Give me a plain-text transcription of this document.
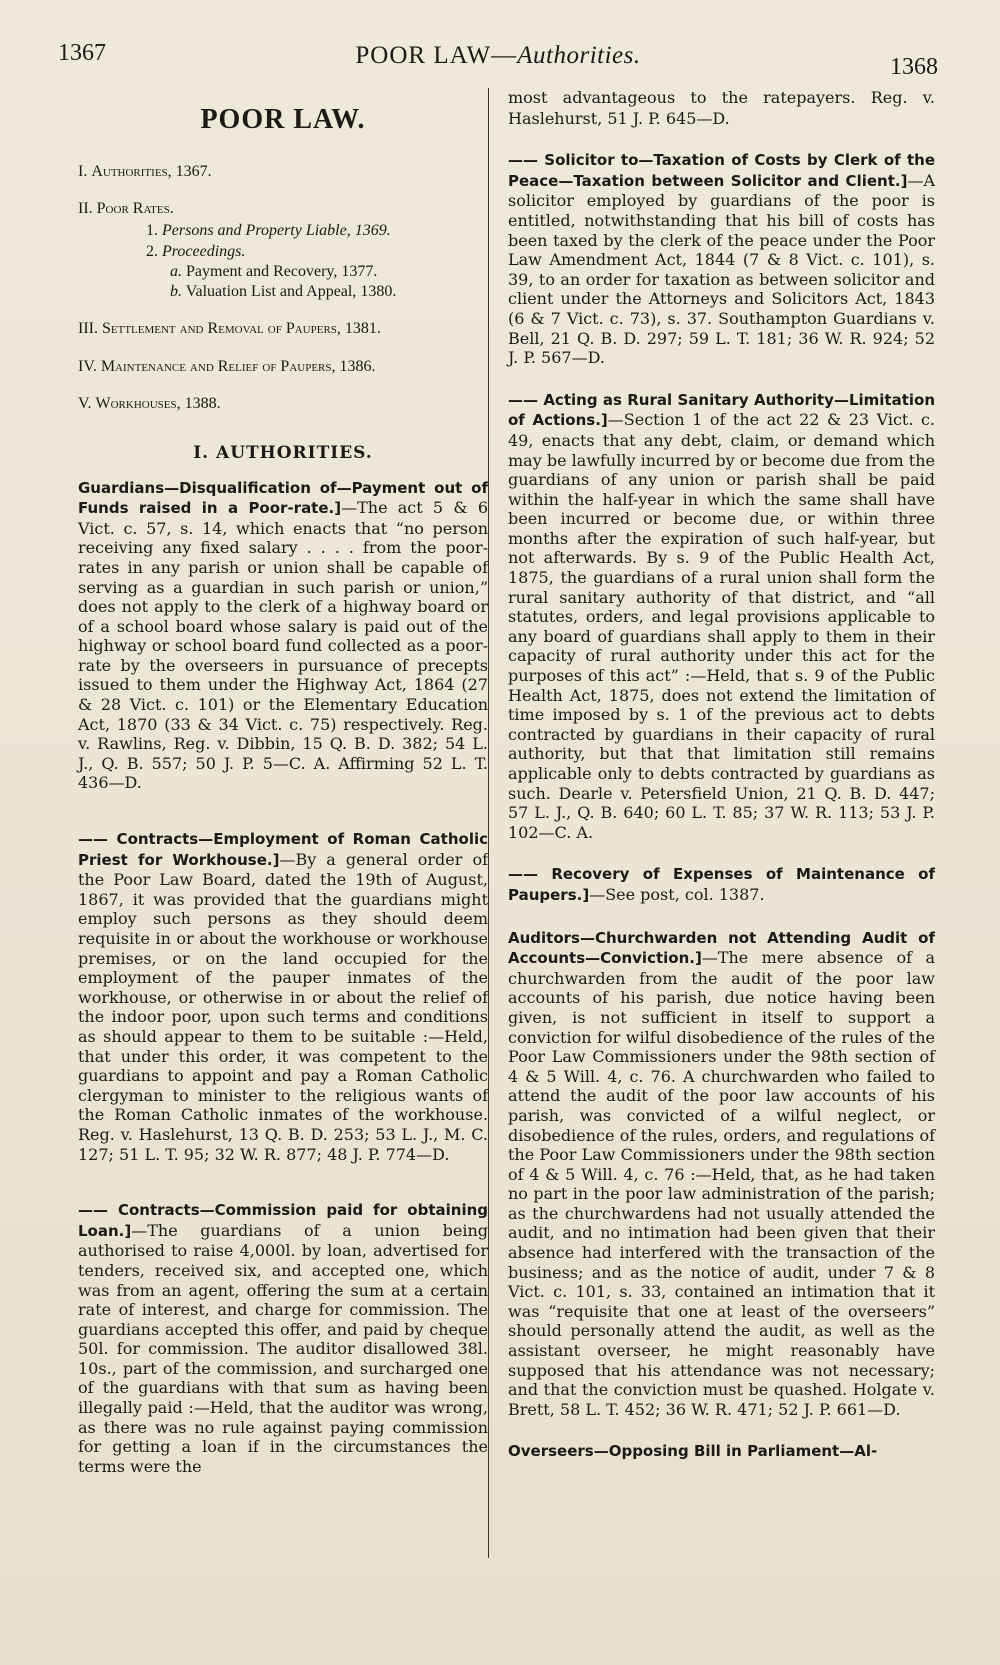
1367	POOR LAW—Authorities.	1368
POOR LAW.
I. Authorities, 1367.
II. Poor Rates.
1. Persons and Property Liable, 1369.
2. Proceedings.
a. Payment and Recovery, 1377.
b. Valuation List and Appeal, 1380.
III. Settlement and Removal of Paupers, 1381.
IV. Maintenance and Relief of Paupers, 1386.
V. Workhouses, 1388.
I. AUTHORITIES.

Guardians—Disqualification of—Payment out of Funds raised in a Poor-rate.]—The act 5 & 6 Vict. c. 57, s. 14, which enacts that “no person receiving any fixed salary . . . . from the poor-rates in any parish or union shall be capable of serving as a guardian in such parish or union,” does not apply to the clerk of a highway board or of a school board whose salary is paid out of the highway or school board fund collected as a poor-rate by the overseers in pursuance of precepts issued to them under the Highway Act, 1864 (27 & 28 Vict. c. 101) or the Elementary Education Act, 1870 (33 & 34 Vict. c. 75) respectively. Reg. v. Rawlins, Reg. v. Dibbin, 15 Q. B. D. 382; 54 L. J., Q. B. 557; 50 J. P. 5—C. A. Affirming 52 L. T. 436—D.

—— Contracts—Employment of Roman Catholic Priest for Workhouse.]—By a general order of the Poor Law Board, dated the 19th of August, 1867, it was provided that the guardians might employ such persons as they should deem requisite in or about the workhouse or workhouse premises, or on the land occupied for the employment of the pauper inmates of the workhouse, or otherwise in or about the relief of the indoor poor, upon such terms and conditions as should appear to them to be suitable :—Held, that under this order, it was competent to the guardians to appoint and pay a Roman Catholic clergyman to minister to the religious wants of the Roman Catholic inmates of the workhouse. Reg. v. Haslehurst, 13 Q. B. D. 253; 53 L. J., M. C. 127; 51 L. T. 95; 32 W. R. 877; 48 J. P. 774—D.

—— Contracts—Commission paid for obtaining Loan.]—The guardians of a union being authorised to raise 4,000l. by loan, advertised for tenders, received six, and accepted one, which was from an agent, offering the sum at a certain rate of interest, and charge for commission. The guardians accepted this offer, and paid by cheque 50l. for commission. The auditor disallowed 38l. 10s., part of the commission, and surcharged one of the guardians with that sum as having been illegally paid :—Held, that the auditor was wrong, as there was no rule against paying commission for getting a loan if in the circumstances the terms were the

most advantageous to the ratepayers. Reg. v. Haslehurst, 51 J. P. 645—D.

—— Solicitor to—Taxation of Costs by Clerk of the Peace—Taxation between Solicitor and Client.]—A solicitor employed by guardians of the poor is entitled, notwithstanding that his bill of costs has been taxed by the clerk of the peace under the Poor Law Amendment Act, 1844 (7 & 8 Vict. c. 101), s. 39, to an order for taxation as between solicitor and client under the Attorneys and Solicitors Act, 1843 (6 & 7 Vict. c. 73), s. 37. Southampton Guardians v. Bell, 21 Q. B. D. 297; 59 L. T. 181; 36 W. R. 924; 52 J. P. 567—D.

—— Acting as Rural Sanitary Authority—Limitation of Actions.]—Section 1 of the act 22 & 23 Vict. c. 49, enacts that any debt, claim, or demand which may be lawfully incurred by or become due from the guardians of any union or parish shall be paid within the half-year in which the same shall have been incurred or become due, or within three months after the expiration of such half-year, but not afterwards. By s. 9 of the Public Health Act, 1875, the guardians of a rural union shall form the rural sanitary authority of that district, and “all statutes, orders, and legal provisions applicable to any board of guardians shall apply to them in their capacity of rural authority under this act for the purposes of this act” :—Held, that s. 9 of the Public Health Act, 1875, does not extend the limitation of time imposed by s. 1 of the previous act to debts contracted by guardians in their capacity of rural authority, but that that limitation still remains applicable only to debts contracted by guardians as such. Dearle v. Petersfield Union, 21 Q. B. D. 447; 57 L. J., Q. B. 640; 60 L. T. 85; 37 W. R. 113; 53 J. P. 102—C. A.

—— Recovery of Expenses of Maintenance of Paupers.]—See post, col. 1387.

Auditors—Churchwarden not Attending Audit of Accounts—Conviction.]—The mere absence of a churchwarden from the audit of the poor law accounts of his parish, due notice having been given, is not sufficient in itself to support a conviction for wilful disobedience of the rules of the Poor Law Commissioners under the 98th section of 4 & 5 Will. 4, c. 76. A churchwarden who failed to attend the audit of the poor law accounts of his parish, was convicted of a wilful neglect, or disobedience of the rules, orders, and regulations of the Poor Law Commissioners under the 98th section of 4 & 5 Will. 4, c. 76 :—Held, that, as he had taken no part in the poor law administration of the parish; as the churchwardens had not usually attended the audit, and no intimation had been given that their absence had interfered with the transaction of the business; and as the notice of audit, under 7 & 8 Vict. c. 101, s. 33, contained an intimation that it was “requisite that one at least of the overseers” should personally attend the audit, as well as the assistant overseer, he might reasonably have supposed that his attendance was not necessary; and that the conviction must be quashed. Holgate v. Brett, 58 L. T. 452; 36 W. R. 471; 52 J. P. 661—D.

Overseers—Opposing Bill in Parliament—Al-
